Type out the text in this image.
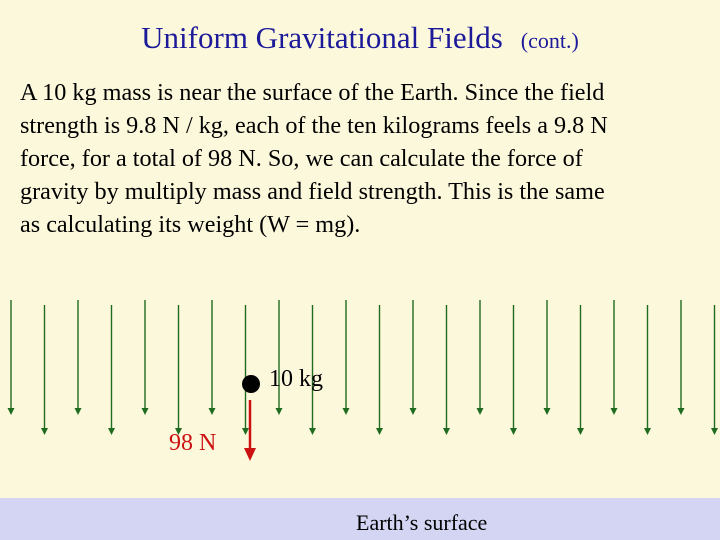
Uniform Gravitational Fields (cont.)
A 10 kg mass is near the surface of the Earth. Since the field
strength is 9.8 N / kg, each of the ten kilograms feels a 9.8 N
force, for a total of 98 N. So, we can calculate the force of
gravity by multiply mass and field strength. This is the same
as calculating its weight (W = mg).
Earth’s surface
10 kg
98 N
